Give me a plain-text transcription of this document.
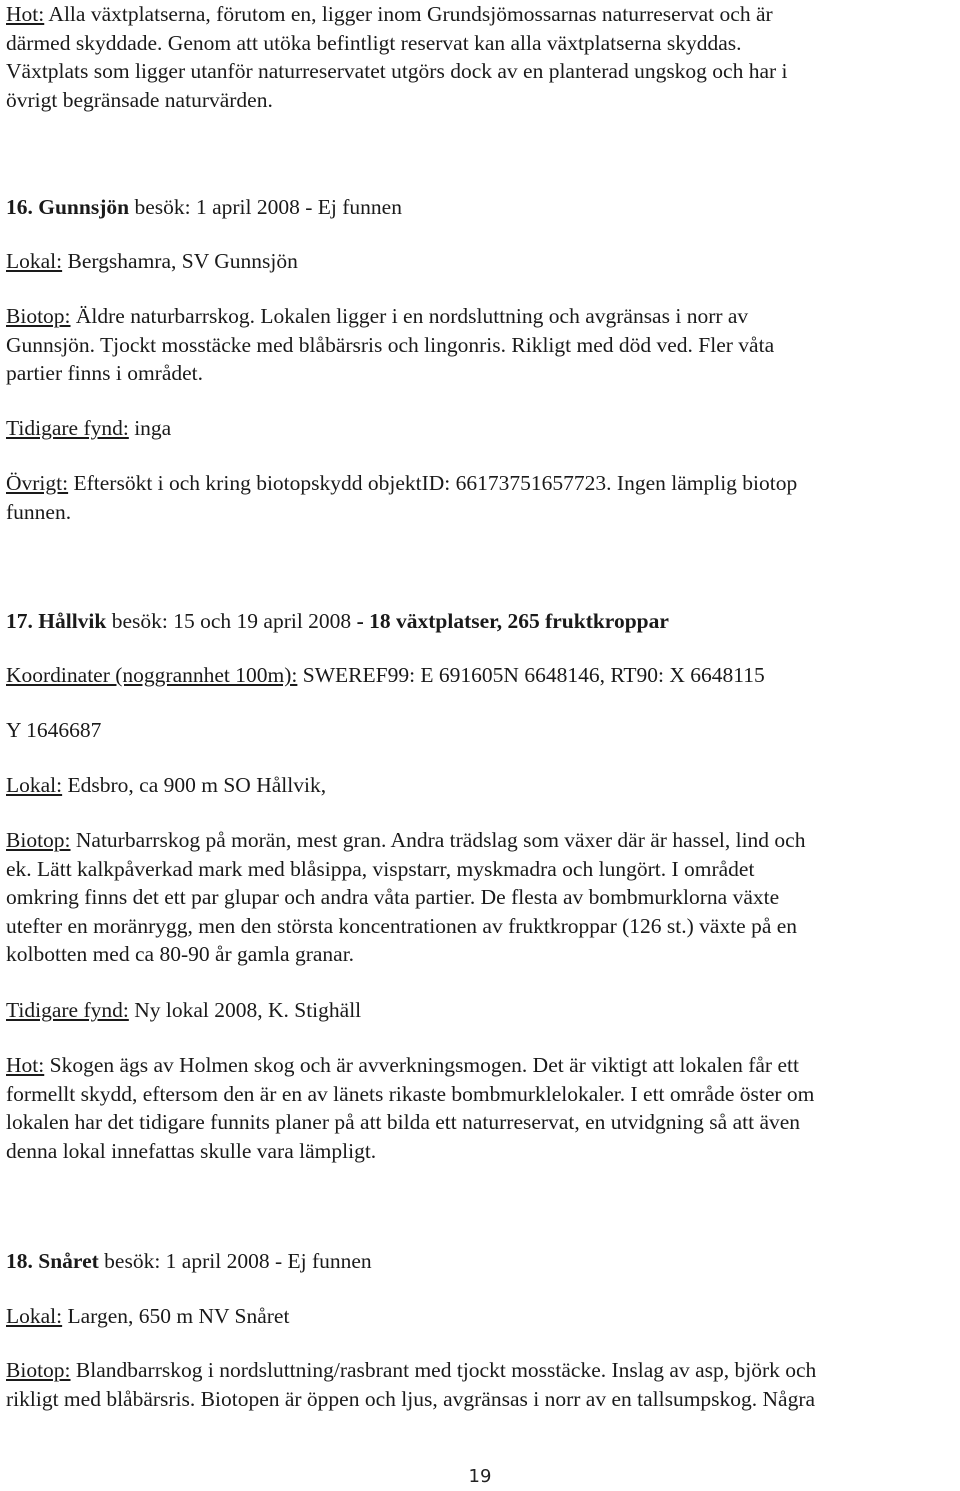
Hot: Alla växtplatserna, förutom en, ligger inom Grundsjömossarnas naturreservat och är
därmed skyddade. Genom att utöka befintligt reservat kan alla växtplatserna skyddas.
Växtplats som ligger utanför naturreservatet utgörs dock av en planterad ungskog och har i
övrigt begränsade naturvärden.

16. Gunnsjön besök: 1 april 2008 - Ej funnen

Lokal: Bergshamra, SV Gunnsjön

Biotop: Äldre naturbarrskog. Lokalen ligger i en nordsluttning och avgränsas i norr av
Gunnsjön. Tjockt mosstäcke med blåbärsris och lingonris. Rikligt med död ved. Fler våta
partier finns i området.

Tidigare fynd: inga

Övrigt: Eftersökt i och kring biotopskydd objektID: 66173751657723. Ingen lämplig biotop
funnen.

17. Hållvik besök: 15 och 19 april 2008 - 18 växtplatser, 265 fruktkroppar

Koordinater (noggrannhet 100m): SWEREF99: E 691605N 6648146, RT90: X 6648115

Y 1646687

Lokal: Edsbro, ca 900 m SO Hållvik,

Biotop: Naturbarrskog på morän, mest gran. Andra trädslag som växer där är hassel, lind och
ek. Lätt kalkpåverkad mark med blåsippa, vispstarr, myskmadra och lungört. I området
omkring finns det ett par glupar och andra våta partier. De flesta av bombmurklorna växte
utefter en moränrygg, men den största koncentrationen av fruktkroppar (126 st.) växte på en
kolbotten med ca 80-90 år gamla granar.

Tidigare fynd: Ny lokal 2008, K. Stighäll

Hot: Skogen ägs av Holmen skog och är avverkningsmogen. Det är viktigt att lokalen får ett
formellt skydd, eftersom den är en av länets rikaste bombmurklelokaler. I ett område öster om
lokalen har det tidigare funnits planer på att bilda ett naturreservat, en utvidgning så att även
denna lokal innefattas skulle vara lämpligt.

18. Snåret besök: 1 april 2008 - Ej funnen

Lokal: Largen, 650 m NV Snåret

Biotop: Blandbarrskog i nordsluttning/rasbrant med tjockt mosstäcke. Inslag av asp, björk och
rikligt med blåbärsris. Biotopen är öppen och ljus, avgränsas i norr av en tallsumpskog. Några

19
